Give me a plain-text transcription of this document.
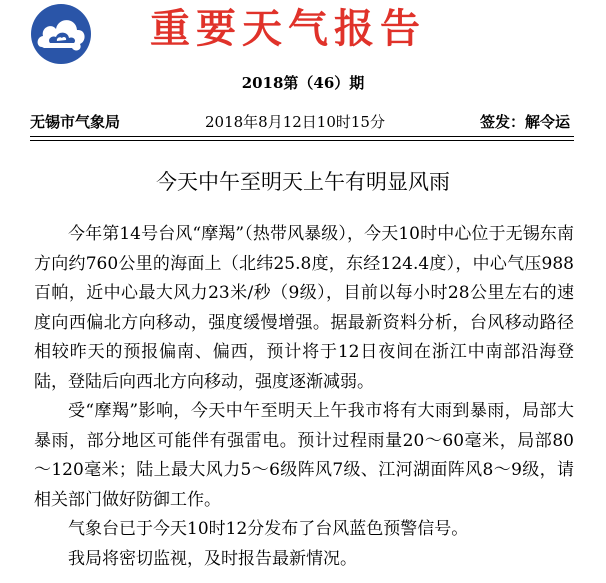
重要天气报告
2018第（46）期
无锡市气象局	2018年8月12日10时15分	签发：解令运
今天中午至明天上午有明显风雨

今年第14号台风“摩羯”（热带风暴级），今天10时中心位于无锡东南方向约760公里的海面上（北纬25.8度，东经124.4度），中心气压988百帕，近中心最大风力23米/秒（9级），目前以每小时28公里左右的速度向西偏北方向移动，强度缓慢增强。据最新资料分析，台风移动路径相较昨天的预报偏南、偏西，预计将于12日夜间在浙江中南部沿海登陆，登陆后向西北方向移动，强度逐渐减弱。

受“摩羯”影响，今天中午至明天上午我市将有大雨到暴雨，局部大暴雨，部分地区可能伴有强雷电。预计过程雨量20～60毫米，局部80～120毫米；陆上最大风力5～6级阵风7级、江河湖面阵风8～9级，请相关部门做好防御工作。

气象台已于今天10时12分发布了台风蓝色预警信号。

我局将密切监视，及时报告最新情况。
